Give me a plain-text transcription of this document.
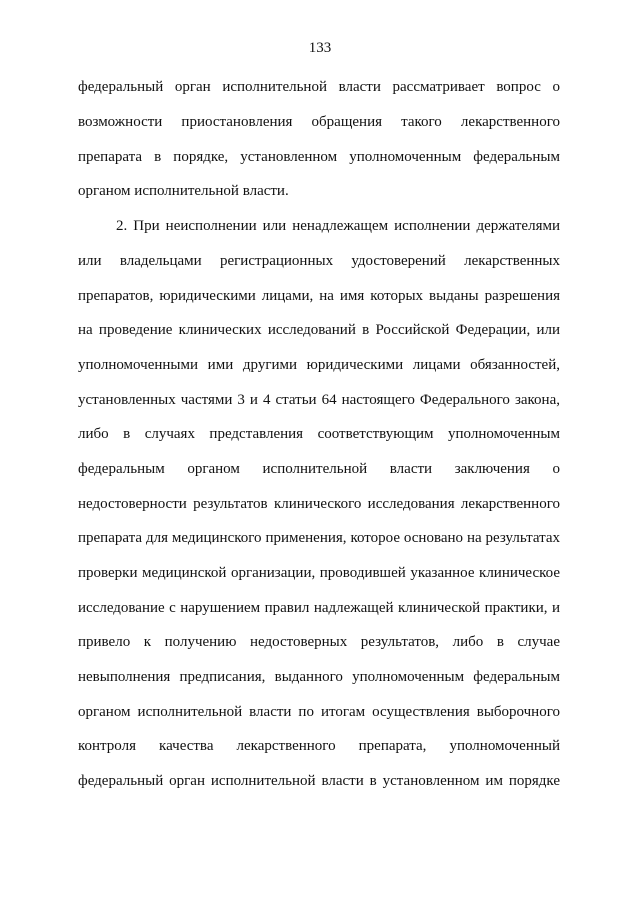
133
федеральный орган исполнительной власти рассматривает вопрос о
возможности приостановления обращения такого лекарственного
препарата в порядке, установленном уполномоченным федеральным
органом исполнительной власти.
2. При неисполнении или ненадлежащем исполнении держателями
или владельцами регистрационных удостоверений лекарственных
препаратов, юридическими лицами, на имя которых выданы разрешения
на проведение клинических исследований в Российской Федерации, или
уполномоченными ими другими юридическими лицами обязанностей,
установленных частями 3 и 4 статьи 64 настоящего Федерального закона,
либо в случаях представления соответствующим уполномоченным
федеральным органом исполнительной власти заключения о
недостоверности результатов клинического исследования лекарственного
препарата для медицинского применения, которое основано на результатах
проверки медицинской организации, проводившей указанное клиническое
исследование с нарушением правил надлежащей клинической практики, и
привело к получению недостоверных результатов, либо в случае
невыполнения предписания, выданного уполномоченным федеральным
органом исполнительной власти по итогам осуществления выборочного
контроля качества лекарственного препарата, уполномоченный
федеральный орган исполнительной власти в установленном им порядке
